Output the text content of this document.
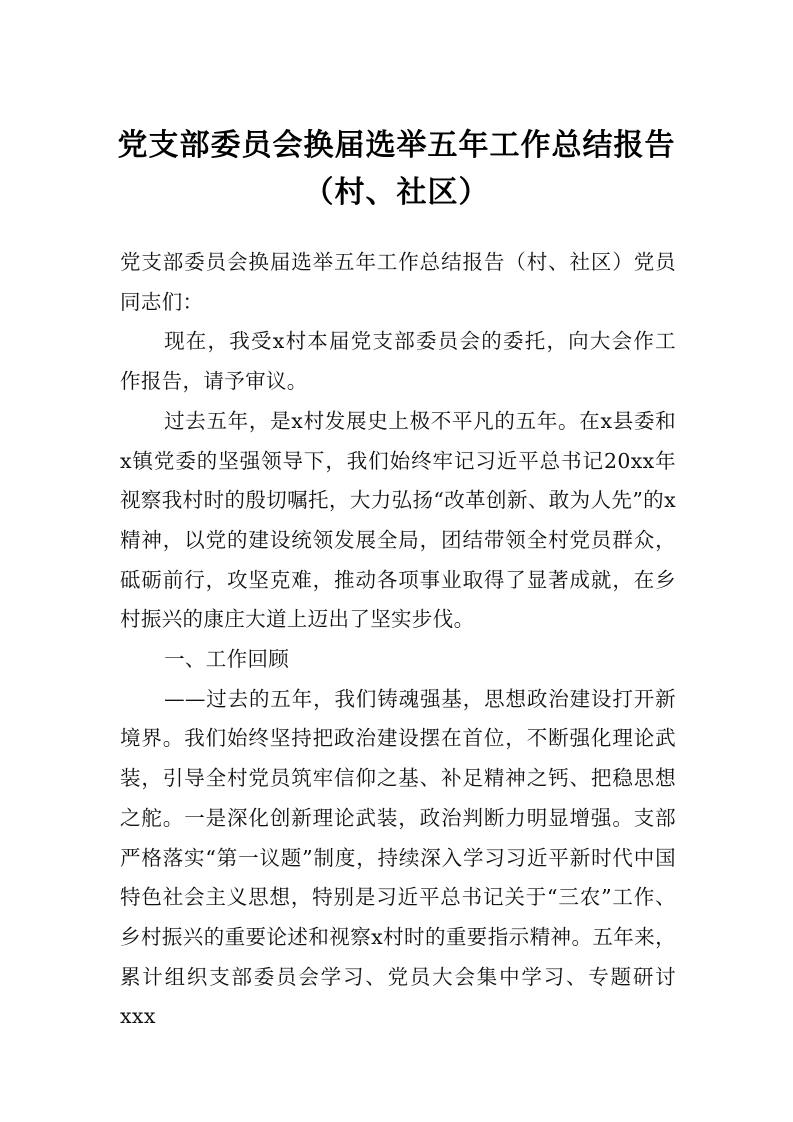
党支部委员会换届选举五年工作总结报告
（村、社区）

党支部委员会换届选举五年工作总结报告（村、社区）党员同志们：

现在，我受x村本届党支部委员会的委托，向大会作工作报告，请予审议。

过去五年，是x村发展史上极不平凡的五年。在x县委和x镇党委的坚强领导下，我们始终牢记习近平总书记20xx年视察我村时的殷切嘱托，大力弘扬“改革创新、敢为人先”的x精神，以党的建设统领发展全局，团结带领全村党员群众，砥砺前行，攻坚克难，推动各项事业取得了显著成就，在乡村振兴的康庄大道上迈出了坚实步伐。

一、工作回顾

——过去的五年，我们铸魂强基，思想政治建设打开新境界。我们始终坚持把政治建设摆在首位，不断强化理论武装，引导全村党员筑牢信仰之基、补足精神之钙、把稳思想之舵。一是深化创新理论武装，政治判断力明显增强。支部严格落实“第一议题”制度，持续深入学习习近平新时代中国特色社会主义思想，特别是习近平总书记关于“三农”工作、乡村振兴的重要论述和视察x村时的重要指示精神。五年来，累计组织支部委员会学习、党员大会集中学习、专题研讨xxx
